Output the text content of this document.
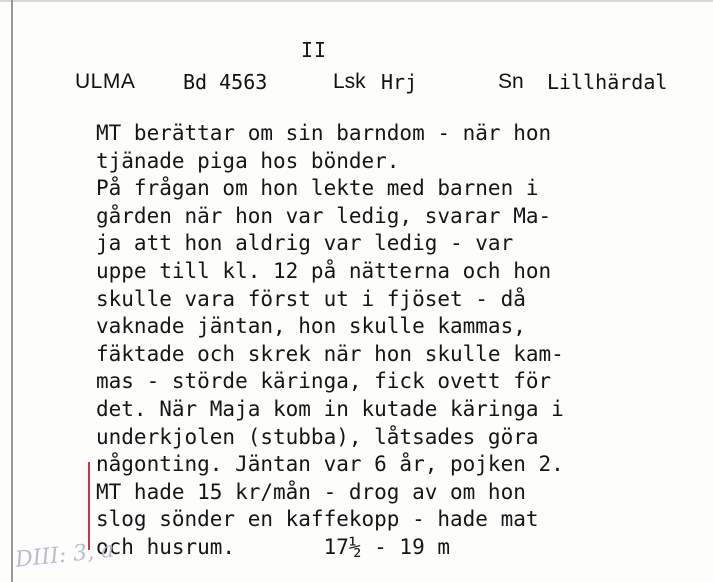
II
ULMA Bd 4563	Lsk Hrj	Sn Lillhärdal
MT berättar om sin barndom - när hon
tjänade piga hos bönder.
På frågan om hon lekte med barnen i
gården när hon var ledig, svarar Ma-
ja att hon aldrig var ledig - var
uppe till kl. 12 på nätterna och hon
skulle vara först ut i fjöset - då
vaknade jäntan, hon skulle kammas,
fäktade och skrek när hon skulle kam-
mas - störde käringa, fick ovett för
det. När Maja kom in kutade käringa i
underkjolen (stubba), låtsades göra
någonting. Jäntan var 6 år, pojken 2.
MT hade 15 kr/mån - drog av om hon
slog sönder en kaffekopp - hade mat
och husrum.       17½ - 19 m
DIII: 3, a
